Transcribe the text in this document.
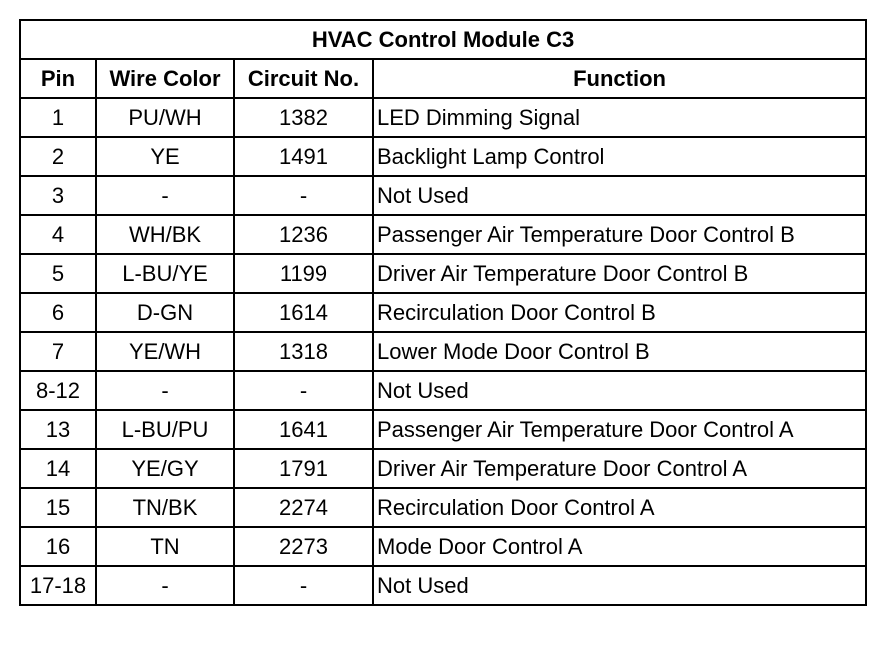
HVAC Control Module C3			
Pin	Wire Color	Circuit No.	Function
1	PU/WH	1382	LED Dimming Signal
2	YE	1491	Backlight Lamp Control
3	-	-	Not Used
4	WH/BK	1236	Passenger Air Temperature Door Control B
5	L-BU/YE	1199	Driver Air Temperature Door Control B
6	D-GN	1614	Recirculation Door Control B
7	YE/WH	1318	Lower Mode Door Control B
8-12	-	-	Not Used
13	L-BU/PU	1641	Passenger Air Temperature Door Control A
14	YE/GY	1791	Driver Air Temperature Door Control A
15	TN/BK	2274	Recirculation Door Control A
16	TN	2273	Mode Door Control A
17-18	-	-	Not Used
